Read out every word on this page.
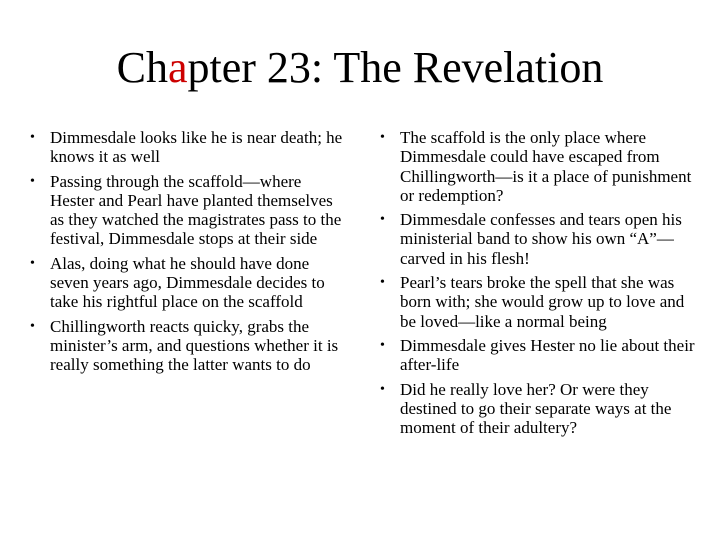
Chapter 23: The Revelation
• Dimmesdale looks like he is near death; he knows it as well
• Passing through the scaffold—where Hester and Pearl have planted themselves as they watched the magistrates pass to the festival, Dimmesdale stops at their side
• Alas, doing what he should have done seven years ago, Dimmesdale decides to take his rightful place on the scaffold
• Chillingworth reacts quicky, grabs the minister’s arm, and questions whether it is really something the latter wants to do
• The scaffold is the only place where Dimmesdale could have escaped from Chillingworth—is it a place of punishment or redemption?
• Dimmesdale confesses and tears open his ministerial band to show his own “A”—carved in his flesh!
• Pearl’s tears broke the spell that she was born with; she would grow up to love and be loved—like a normal being
• Dimmesdale gives Hester no lie about their after-life
• Did he really love her? Or were they destined to go their separate ways at the moment of their adultery?
